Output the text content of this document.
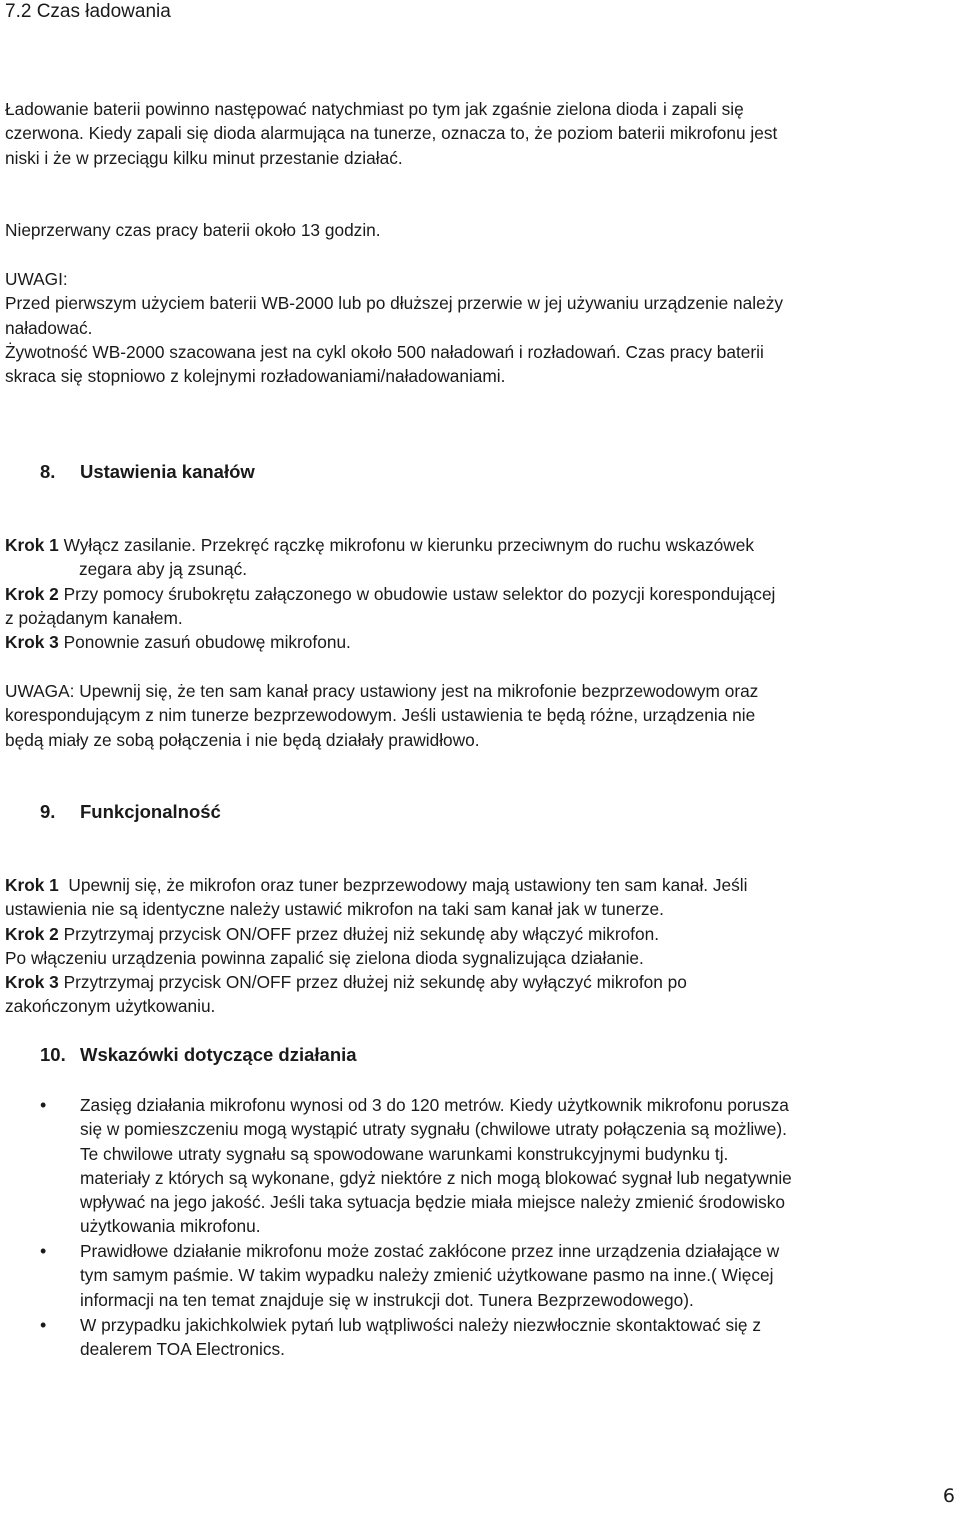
7.2 Czas ładowania
Ładowanie baterii powinno następować natychmiast po tym jak zgaśnie zielona dioda i zapali się
czerwona. Kiedy zapali się dioda alarmująca na tunerze, oznacza to, że poziom baterii mikrofonu jest
niski i że w przeciągu kilku minut przestanie działać.
Nieprzerwany czas pracy baterii około 13 godzin.
UWAGI:
Przed pierwszym użyciem baterii WB-2000 lub po dłuższej przerwie w jej używaniu urządzenie należy
naładować.
Żywotność WB-2000 szacowana jest na cykl około 500 naładowań i rozładowań. Czas pracy baterii
skraca się stopniowo z kolejnymi rozładowaniami/naładowaniami.
8. Ustawienia kanałów
Krok 1 Wyłącz zasilanie. Przekręć rączkę mikrofonu w kierunku przeciwnym do ruchu wskazówek
zegara aby ją zsunąć.
Krok 2 Przy pomocy śrubokrętu załączonego w obudowie ustaw selektor do pozycji korespondującej
z pożądanym kanałem.
Krok 3 Ponownie zasuń obudowę mikrofonu.
UWAGA: Upewnij się, że ten sam kanał pracy ustawiony jest na mikrofonie bezprzewodowym oraz
korespondującym z nim tunerze bezprzewodowym. Jeśli ustawienia te będą różne, urządzenia nie
będą miały ze sobą połączenia i nie będą działały prawidłowo.
9. Funkcjonalność
Krok 1 Upewnij się, że mikrofon oraz tuner bezprzewodowy mają ustawiony ten sam kanał. Jeśli
ustawienia nie są identyczne należy ustawić mikrofon na taki sam kanał jak w tunerze.
Krok 2 Przytrzymaj przycisk ON/OFF przez dłużej niż sekundę aby włączyć mikrofon.
Po włączeniu urządzenia powinna zapalić się zielona dioda sygnalizująca działanie.
Krok 3 Przytrzymaj przycisk ON/OFF przez dłużej niż sekundę aby wyłączyć mikrofon po
zakończonym użytkowaniu.
10. Wskazówki dotyczące działania
• Zasięg działania mikrofonu wynosi od 3 do 120 metrów. Kiedy użytkownik mikrofonu porusza
się w pomieszczeniu mogą wystąpić utraty sygnału (chwilowe utraty połączenia są możliwe).
Te chwilowe utraty sygnału są spowodowane warunkami konstrukcyjnymi budynku tj.
materiały z których są wykonane, gdyż niektóre z nich mogą blokować sygnał lub negatywnie
wpływać na jego jakość. Jeśli taka sytuacja będzie miała miejsce należy zmienić środowisko
użytkowania mikrofonu.
• Prawidłowe działanie mikrofonu może zostać zakłócone przez inne urządzenia działające w
tym samym paśmie. W takim wypadku należy zmienić użytkowane pasmo na inne.( Więcej
informacji na ten temat znajduje się w instrukcji dot. Tunera Bezprzewodowego).
• W przypadku jakichkolwiek pytań lub wątpliwości należy niezwłocznie skontaktować się z
dealerem TOA Electronics.
6
